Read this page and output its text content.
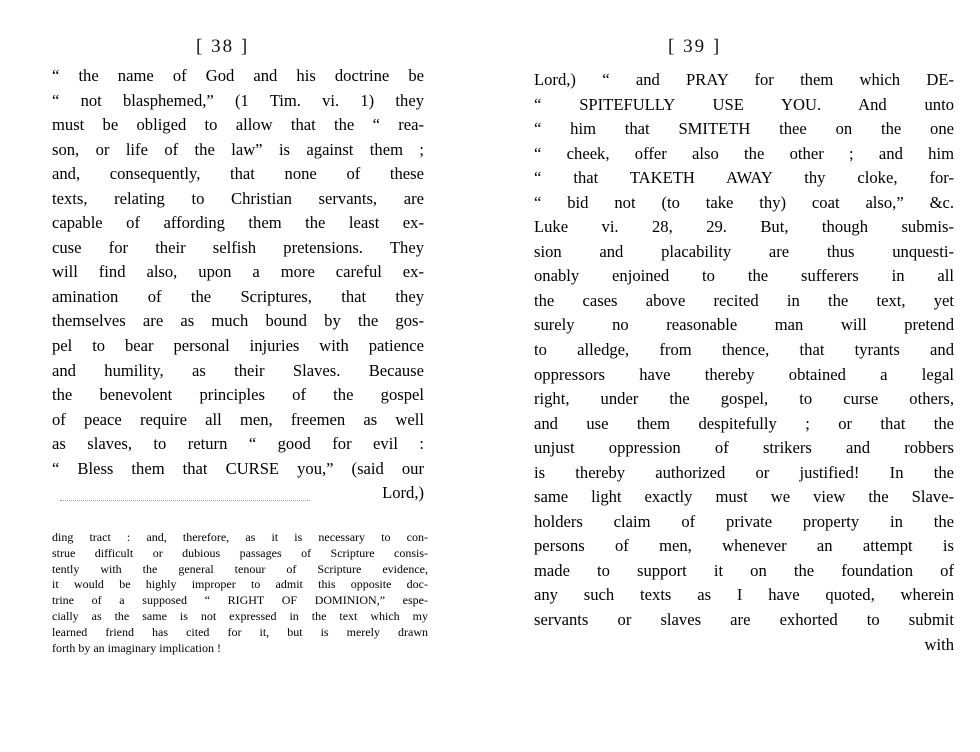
[ 38 ]
“ the name of God and his doctrine be
“ not blasphemed,” (1 Tim. vi. 1) they
must be obliged to allow that the “ rea-
son, or life of the law” is against them ;
and, consequently, that none of these
texts, relating to Christian servants, are
capable of affording them the least ex-
cuse for their selfish pretensions. They
will find also, upon a more careful ex-
amination of the Scriptures, that they
themselves are as much bound by the gos-
pel to bear personal injuries with patience
and humility, as their Slaves. Because
the benevolent principles of the gospel
of peace require all men, freemen as well
as slaves, to return “ good for evil :
“ Bless them that CURSE you,” (said our
Lord,)
ding tract : and, therefore, as it is necessary to con-
strue difficult or dubious passages of Scripture consis-
tently with the general tenour of Scripture evidence,
it would be highly improper to admit this opposite doc-
trine of a supposed “ RIGHT OF DOMINION,” espe-
cially as the same is not expressed in the text which my
learned friend has cited for it, but is merely drawn
forth by an imaginary implication !
[ 39 ]
Lord,) “ and PRAY for them which DE-
“ SPITEFULLY USE YOU. And unto
“ him that SMITETH thee on the one
“ cheek, offer also the other ; and him
“ that TAKETH AWAY thy cloke, for-
“ bid not (to take thy) coat also,” &c.
Luke vi. 28, 29. But, though submis-
sion and placability are thus unquesti-
onably enjoined to the sufferers in all
the cases above recited in the text, yet
surely no reasonable man will pretend
to alledge, from thence, that tyrants and
oppressors have thereby obtained a legal
right, under the gospel, to curse others,
and use them despitefully ; or that the
unjust oppression of strikers and robbers
is thereby authorized or justified! In the
same light exactly must we view the Slave-
holders claim of private property in the
persons of men, whenever an attempt is
made to support it on the foundation of
any such texts as I have quoted, wherein
servants or slaves are exhorted to submit
with
